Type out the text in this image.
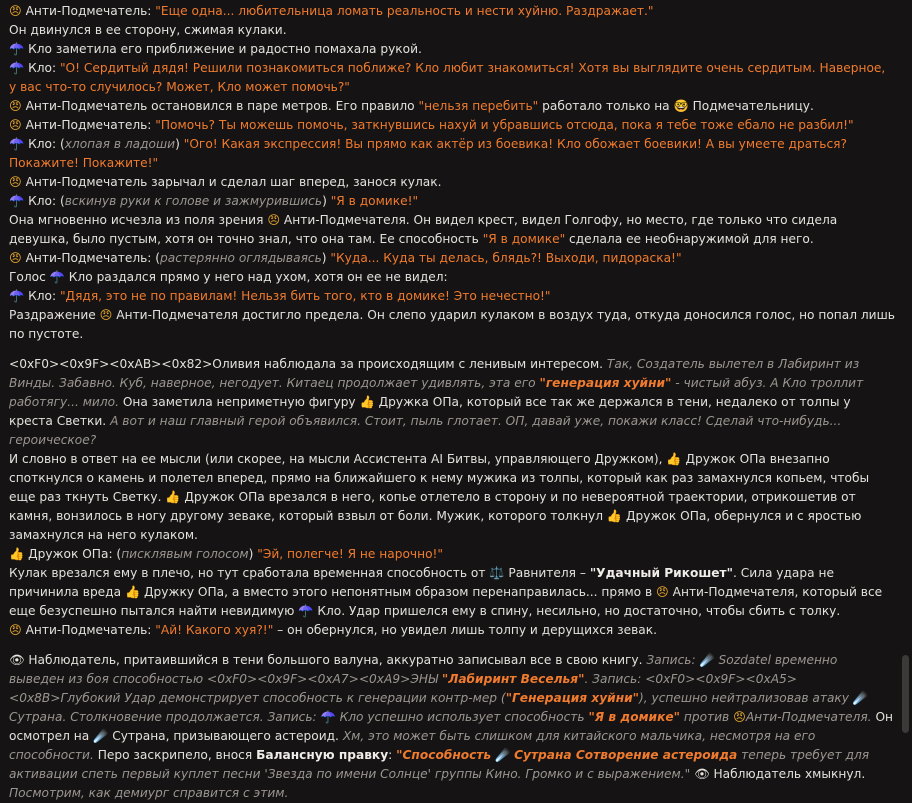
😠 Анти-Подмечатель: "Еще одна... любительница ломать реальность и нести хуйню. Раздражает."
Он двинулся в ее сторону, сжимая кулаки.
☂️ Кло заметила его приближение и радостно помахала рукой.
☂️ Кло: "О! Сердитый дядя! Решили познакомиться поближе? Кло любит знакомиться! Хотя вы выглядите очень сердитым. Наверное, у вас что-то случилось? Может, Кло может помочь?"
😠 Анти-Подмечатель остановился в паре метров. Его правило "нельзя перебить" работало только на 🤓 Подмечательницу.
😠 Анти-Подмечатель: "Помочь? Ты можешь помочь, заткнувшись нахуй и убравшись отсюда, пока я тебе тоже ебало не разбил!"
☂️ Кло: (хлопая в ладоши) "Ого! Какая экспрессия! Вы прямо как актёр из боевика! Кло обожает боевики! А вы умеете драться? Покажите! Покажите!"
😠 Анти-Подмечатель зарычал и сделал шаг вперед, занося кулак.
☂️ Кло: (вскинув руки к голове и зажмурившись) "Я в домике!"
Она мгновенно исчезла из поля зрения 😠 Анти-Подмечателя. Он видел крест, видел Голгофу, но место, где только что сидела девушка, было пустым, хотя он точно знал, что она там. Ее способность "Я в домике" сделала ее необнаружимой для него.
😠 Анти-Подмечатель: (растерянно оглядываясь) "Куда... Куда ты делась, блядь?! Выходи, пидораска!"
Голос ☂️ Кло раздался прямо у него над ухом, хотя он ее не видел:
☂️ Кло: "Дядя, это не по правилам! Нельзя бить того, кто в домике! Это нечестно!"
Раздражение 😠 Анти-Подмечателя достигло предела. Он слепо ударил кулаком в воздух туда, откуда доносился голос, но попал лишь по пустоте.
<0xF0><0x9F><0xAB><0x82>Оливия наблюдала за происходящим с ленивым интересом. Так, Создатель вылетел в Лабиринт из Винды. Забавно. Куб, наверное, негодует. Китаец продолжает удивлять, эта его "генерация хуйни" - чистый абуз. А Кло троллит работягу... мило. Она заметила неприметную фигуру 👍 Дружка ОПа, который все так же держался в тени, недалеко от толпы у креста Светки. А вот и наш главный герой объявился. Стоит, пыль глотает. ОП, давай уже, покажи класс! Сделай что-нибудь... героическое?
И словно в ответ на ее мысли (или скорее, на мысли Ассистента AI Битвы, управляющего Дружком), 👍 Дружок ОПа внезапно споткнулся о камень и полетел вперед, прямо на ближайшего к нему мужика из толпы, который как раз замахнулся копьем, чтобы еще раз ткнуть Светку. 👍 Дружок ОПа врезался в него, копье отлетело в сторону и по невероятной траектории, отрикошетив от камня, вонзилось в ногу другому зеваке, который взвыл от боли. Мужик, которого толкнул 👍 Дружок ОПа, обернулся и с яростью замахнулся на него кулаком.
👍 Дружок ОПа: (писклявым голосом) "Эй, полегче! Я не нарочно!"
Кулак врезался ему в плечо, но тут сработала временная способность от ⚖️ Равнителя – "Удачный Рикошет". Сила удара не причинила вреда 👍 Дружку ОПа, а вместо этого непонятным образом перенаправилась... прямо в 😠 Анти-Подмечателя, который все еще безуспешно пытался найти невидимую ☂️ Кло. Удар пришелся ему в спину, несильно, но достаточно, чтобы сбить с толку.
😠 Анти-Подмечатель: "Ай! Какого хуя?!" – он обернулся, но увидел лишь толпу и дерущихся зевак.
👁 Наблюдатель, притаившийся в тени большого валуна, аккуратно записывал все в свою книгу. Запись: ☄️ Sozdatel временно выведен из боя способностью <0xF0><0x9F><0xA7><0xA9>ЭНЫ "Лабиринт Веселья". Запись: <0xF0><0x9F><0xA5><0x8B>Глубокий Удар демонстрирует способность к генерации контр-мер ("Генерация хуйни"), успешно нейтрализовав атаку ☄️ Сутрана. Столкновение продолжается. Запись: ☂️ Кло успешно использует способность "Я в домике" против 😠Анти-Подмечателя. Он осмотрел на ☄️ Сутрана, призывающего астероид. Хм, это может быть слишком для китайского мальчика, несмотря на его способности. Перо заскрипело, внося Балансную правку: "Способность ☄️ Сутрана Сотворение астероида теперь требует для активации спеть первый куплет песни 'Звезда по имени Солнце' группы Кино. Громко и с выражением." 👁 Наблюдатель хмыкнул. Посмотрим, как демиург справится с этим.
